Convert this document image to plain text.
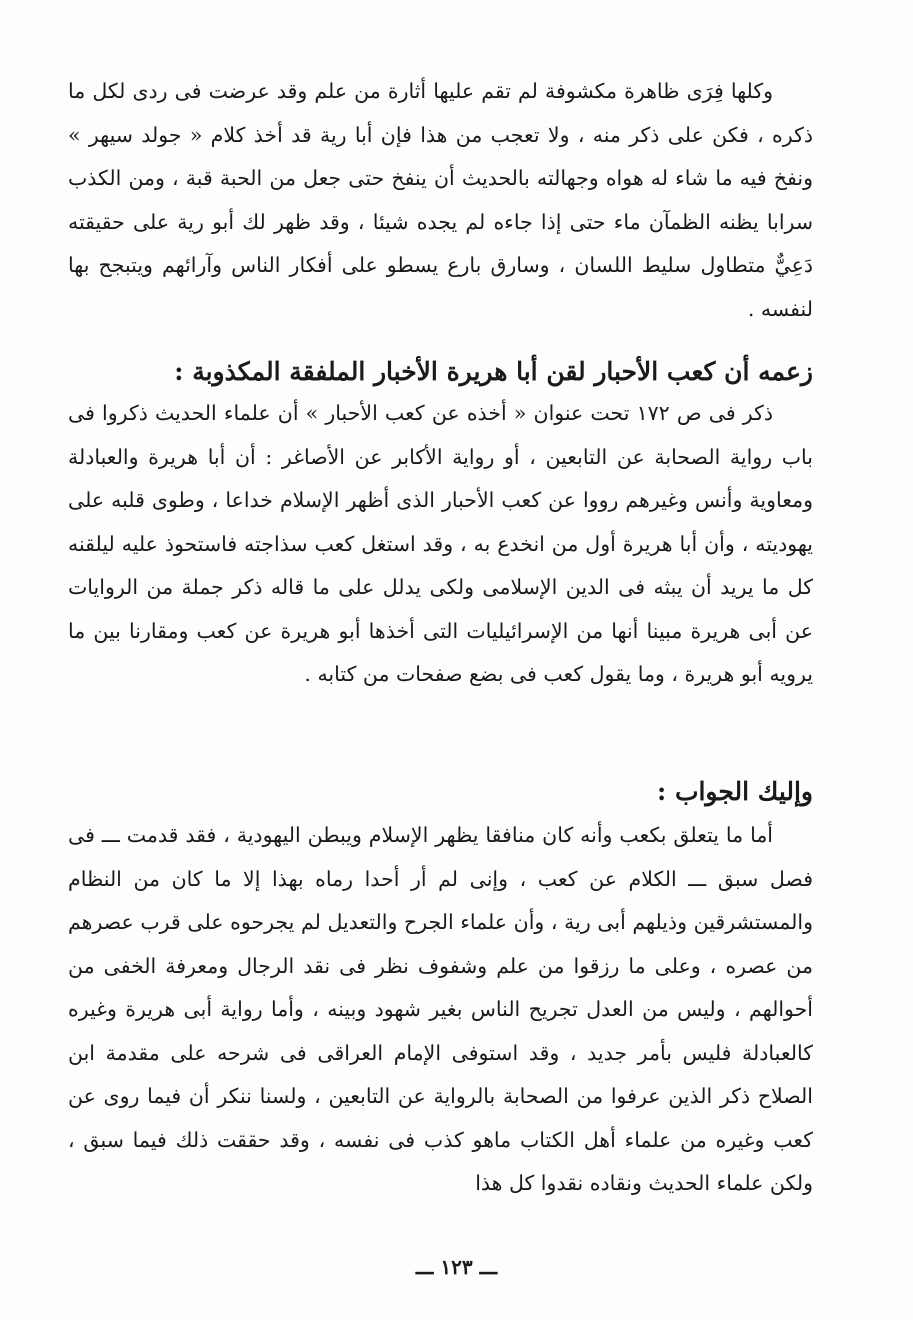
وكلها فِرَى ظاهرة مكشوفة لم تقم عليها أثارة من علم وقد عرضت فى ردى لكل ما ذكره ، فكن على ذكر منه ، ولا تعجب من هذا فإن أبا رية قد أخذ كلام « جولد سيهر » ونفخ فيه ما شاء له هواه وجهالته بالحديث أن ينفخ حتى جعل من الحبة قبة ، ومن الكذب سرابا يظنه الظمآن ماء حتى إذا جاءه لم يجده شيئا ، وقد ظهر لك أبو رية على حقيقته دَعِيٌّ متطاول سليط اللسان ، وسارق بارع يسطو على أفكار الناس وآرائهم ويتبجح بها لنفسه .

زعمه أن كعب الأحبار لقن أبا هريرة الأخبار الملفقة المكذوبة :

ذكر فى ص ١٧٢ تحت عنوان « أخذه عن كعب الأحبار » أن علماء الحديث ذكروا فى باب رواية الصحابة عن التابعين ، أو رواية الأكابر عن الأصاغر : أن أبا هريرة والعبادلة ومعاوية وأنس وغيرهم رووا عن كعب الأحبار الذى أظهر الإسلام خداعا ، وطوى قلبه على يهوديته ، وأن أبا هريرة أول من انخدع به ، وقد استغل كعب سذاجته فاستحوذ عليه ليلقنه كل ما يريد أن يبثه فى الدين الإسلامى ولكى يدلل على ما قاله ذكر جملة من الروايات عن أبى هريرة مبينا أنها من الإسرائيليات التى أخذها أبو هريرة عن كعب ومقارنا بين ما يرويه أبو هريرة ، وما يقول كعب فى بضع صفحات من كتابه .

وإليك الجواب :

أما ما يتعلق بكعب وأنه كان منافقا يظهر الإسلام ويبطن اليهودية ، فقد قدمت ـــ فى فصل سبق ـــ الكلام عن كعب ، وإنى لم أر أحدا رماه بهذا إلا ما كان من النظام والمستشرقين وذيلهم أبى رية ، وأن علماء الجرح والتعديل لم يجرحوه على قرب عصرهم من عصره ، وعلى ما رزقوا من علم وشفوف نظر فى نقد الرجال ومعرفة الخفى من أحوالهم ، وليس من العدل تجريح الناس بغير شهود وبينه ، وأما رواية أبى هريرة وغيره كالعبادلة فليس بأمر جديد ، وقد استوفى الإمام العراقى فى شرحه على مقدمة ابن الصلاح ذكر الذين عرفوا من الصحابة بالرواية عن التابعين ، ولسنا ننكر أن فيما روى عن كعب وغيره من علماء أهل الكتاب ماهو كذب فى نفسه ، وقد حققت ذلك فيما سبق ، ولكن علماء الحديث ونقاده نقدوا كل هذا

ـــ ١٢٣ ـــ
